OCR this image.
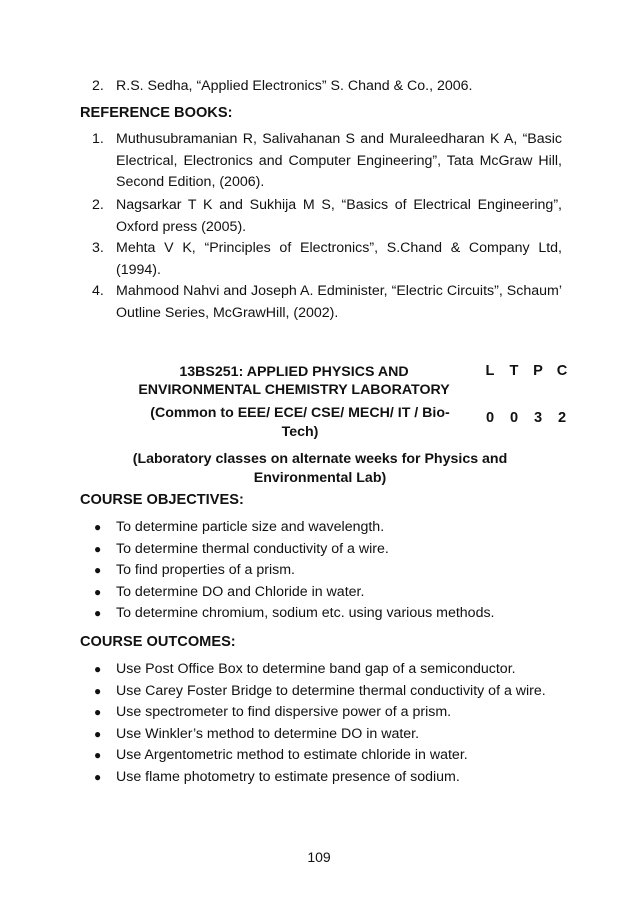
2. R.S. Sedha, “Applied Electronics” S. Chand & Co., 2006.
REFERENCE BOOKS:
1. Muthusubramanian R, Salivahanan S and Muraleedharan K A, “Basic Electrical, Electronics and Computer Engineering”, Tata McGraw Hill, Second Edition, (2006).
2. Nagsarkar T K and Sukhija M S, “Basics of Electrical Engineering”, Oxford press (2005).
3. Mehta V K, “Principles of Electronics”, S.Chand & Company Ltd, (1994).
4. Mahmood Nahvi and Joseph A. Edminister, “Electric Circuits”, Schaum’ Outline Series, McGrawHill, (2002).
13BS251: APPLIED PHYSICS AND
ENVIRONMENTAL CHEMISTRY LABORATORY
L T P C
(Common to EEE/ ECE/ CSE/ MECH/ IT / Bio-
Tech)
0 0 3 2
(Laboratory classes on alternate weeks for Physics and
Environmental Lab)
COURSE OBJECTIVES:
● To determine particle size and wavelength.
● To determine thermal conductivity of a wire.
● To find properties of a prism.
● To determine DO and Chloride in water.
● To determine chromium, sodium etc. using various methods.
COURSE OUTCOMES:
● Use Post Office Box to determine band gap of a semiconductor.
● Use Carey Foster Bridge to determine thermal conductivity of a wire.
● Use spectrometer to find dispersive power of a prism.
● Use Winkler’s method to determine DO in water.
● Use Argentometric method to estimate chloride in water.
● Use flame photometry to estimate presence of sodium.
109
